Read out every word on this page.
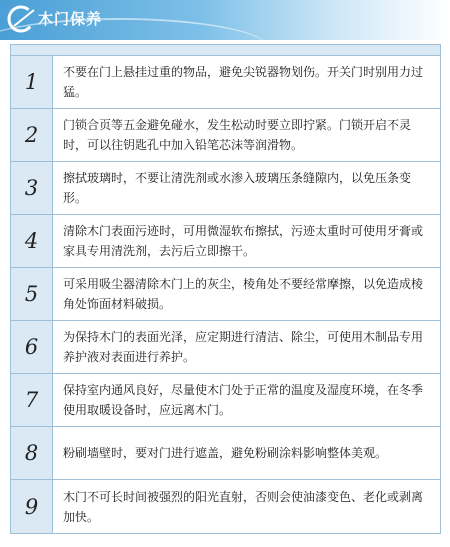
木门保养
1	不要在门上悬挂过重的物品，避免尖锐器物划伤。开关门时别用力过猛。
2	门锁合页等五金避免碰水，发生松动时要立即拧紧。门锁开启不灵时，可以往钥匙孔中加入铅笔芯沫等润滑物。
3	擦拭玻璃时，不要让清洗剂或水渗入玻璃压条缝隙内，以免压条变形。
4	清除木门表面污迹时，可用微湿软布擦拭，污迹太重时可使用牙膏或家具专用清洗剂，去污后立即擦干。
5	可采用吸尘器清除木门上的灰尘，棱角处不要经常摩擦，以免造成棱角处饰面材料破损。
6	为保持木门的表面光泽，应定期进行清洁、除尘，可使用木制品专用养护液对表面进行养护。
7	保持室内通风良好，尽量使木门处于正常的温度及湿度环境，在冬季使用取暖设备时，应远离木门。
8	粉刷墙壁时，要对门进行遮盖，避免粉刷涂料影响整体美观。
9	木门不可长时间被强烈的阳光直射，否则会使油漆变色、老化或剥离加快。
